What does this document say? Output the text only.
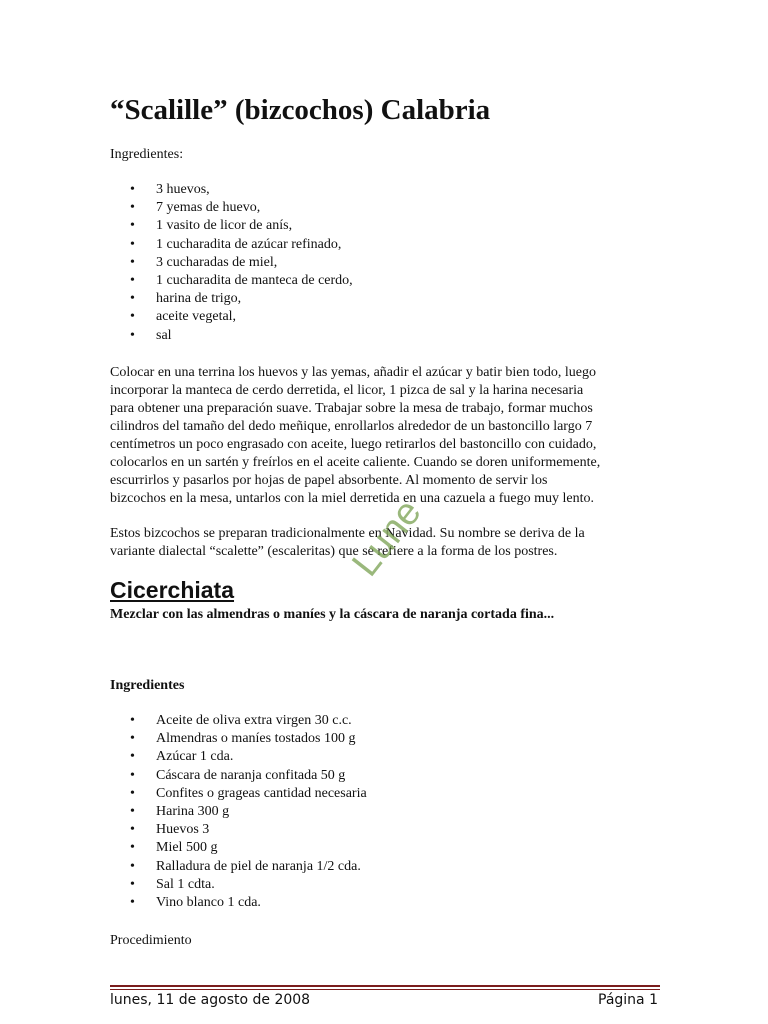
“Scalille” (bizcochos) Calabria

Ingredientes:

• 3 huevos,
• 7 yemas de huevo,
• 1 vasito de licor de anís,
• 1 cucharadita de azúcar refinado,
• 3 cucharadas de miel,
• 1 cucharadita de manteca de cerdo,
• harina de trigo,
• aceite vegetal,
• sal
Colocar en una terrina los huevos y las yemas, añadir el azúcar y batir bien todo, luego
incorporar la manteca de cerdo derretida, el licor, 1 pizca de sal y la harina necesaria
para obtener una preparación suave. Trabajar sobre la mesa de trabajo, formar muchos
cilindros del tamaño del dedo meñique, enrollarlos alrededor de un bastoncillo largo 7
centímetros un poco engrasado con aceite, luego retirarlos del bastoncillo con cuidado,
colocarlos en un sartén y freírlos en el aceite caliente. Cuando se doren uniformemente,
escurrirlos y pasarlos por hojas de papel absorbente. Al momento de servir los
bizcochos en la mesa, untarlos con la miel derretida en una cazuela a fuego muy lento.
Estos bizcochos se preparan tradicionalmente en Navidad. Su nombre se deriva de la
variante dialectal “scalette” (escaleritas) que se refiere a la forma de los postres.
Cicerchiata

Mezclar con las almendras o maníes y la cáscara de naranja cortada fina...

Ingredientes

• Aceite de oliva extra virgen 30 c.c.
• Almendras o maníes tostados 100 g
• Azúcar 1 cda.
• Cáscara de naranja confitada 50 g
• Confites o grageas cantidad necesaria
• Harina 300 g
• Huevos 3
• Miel 500 g
• Ralladura de piel de naranja 1/2 cda.
• Sal 1 cdta.
• Vino blanco 1 cda.

Procedimiento

Lune
lunes, 11 de agosto de 2008	Página 1
